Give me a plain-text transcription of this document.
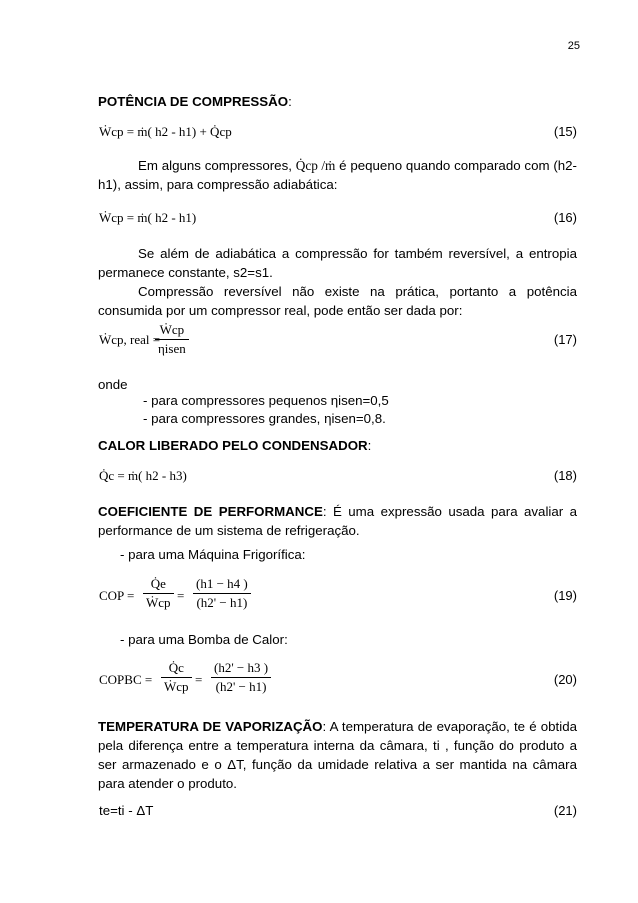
25
POTÊNCIA DE COMPRESSÃO:
Ẇcp = ṁ( h2 - h1) + Q̇cp	(15)
Em alguns compressores, Q̇cp /ṁ é pequeno quando comparado com (h2-h1), assim, para compressão adiabática:
Ẇcp = ṁ( h2 - h1)	(16)
Se além de adiabática a compressão for também reversível, a entropia permanece constante, s2=s1.
Compressão reversível não existe na prática, portanto a potência consumida por um compressor real, pode então ser dada por:
Ẇcp, real =
Ẇcp
ηisen
(17)
onde
- para compressores pequenos ηisen=0,5
- para compressores grandes, ηisen=0,8.
CALOR LIBERADO PELO CONDENSADOR:
Q̇c = ṁ( h2 - h3)	(18)
COEFICIENTE DE PERFORMANCE: É uma expressão usada para avaliar a performance de um sistema de refrigeração.
- para uma Máquina Frigorífica:
COP =
Q̇e
Ẇcp = $\frac{(h1 - h4 )}{(h2' - h1)}$	(19)
- para uma Bomba de Calor:
COPBC =
Q̇c
Ẇcp = $\frac{(h2' - h3 )}{(h2' - h1)}$	(20)
TEMPERATURA DE VAPORIZAÇÃO: A temperatura de evaporação, te é obtida pela diferença entre a temperatura interna da câmara, ti , função do produto a ser armazenado e o ΔT, função da umidade relativa a ser mantida na câmara para atender o produto.
te=ti - ΔT	(21)
